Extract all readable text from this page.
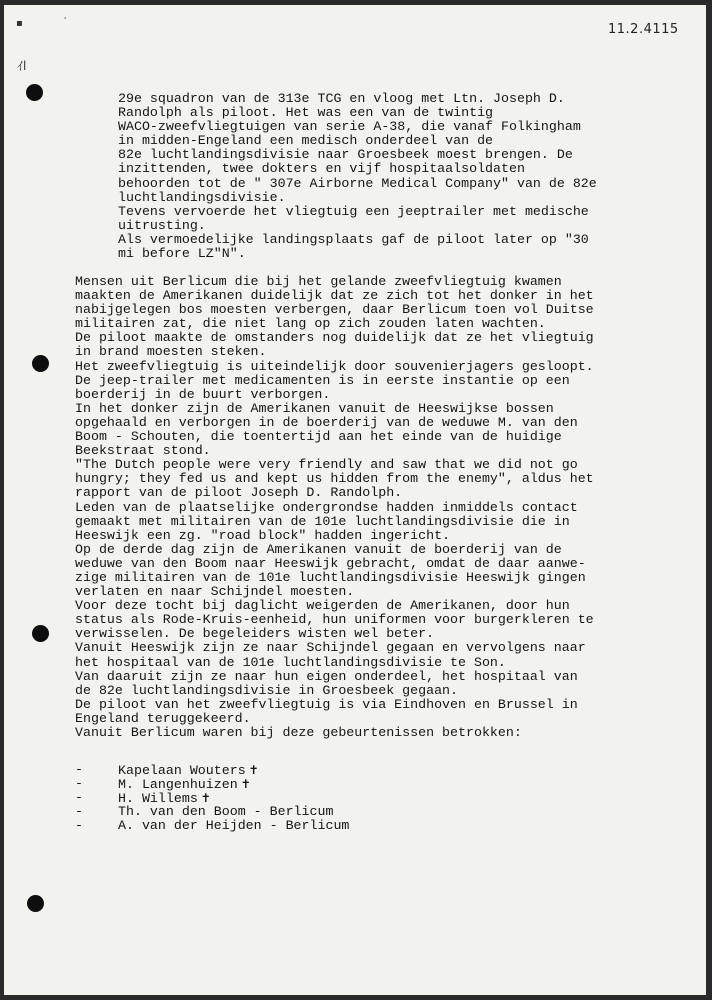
11.2.4115
▪	'
ｲl
29e squadron van de 313e TCG en vloog met Ltn. Joseph D.
Randolph als piloot. Het was een van de twintig
WACO-zweefvliegtuigen van serie A-38, die vanaf Folkingham
in midden-Engeland een medisch onderdeel van de
82e luchtlandingsdivisie naar Groesbeek moest brengen. De
inzittenden, twee dokters en vijf hospitaalsoldaten
behoorden tot de " 307e Airborne Medical Company" van de 82e
luchtlandingsdivisie.
Tevens vervoerde het vliegtuig een jeeptrailer met medische
uitrusting.
Als vermoedelijke landingsplaats gaf de piloot later op "30
mi before LZ"N".
Mensen uit Berlicum die bij het gelande zweefvliegtuig kwamen
maakten de Amerikanen duidelijk dat ze zich tot het donker in het
nabijgelegen bos moesten verbergen, daar Berlicum toen vol Duitse
militairen zat, die niet lang op zich zouden laten wachten.
De piloot maakte de omstanders nog duidelijk dat ze het vliegtuig
in brand moesten steken.
Het zweefvliegtuig is uiteindelijk door souvenierjagers gesloopt.
De jeep-trailer met medicamenten is in eerste instantie op een
boerderij in de buurt verborgen.
In het donker zijn de Amerikanen vanuit de Heeswijkse bossen
opgehaald en verborgen in de boerderij van de weduwe M. van den
Boom - Schouten, die toentertijd aan het einde van de huidige
Beekstraat stond.
"The Dutch people were very friendly and saw that we did not go
hungry; they fed us and kept us hidden from the enemy", aldus het
rapport van de piloot Joseph D. Randolph.
Leden van de plaatselijke ondergrondse hadden inmiddels contact
gemaakt met militairen van de 101e luchtlandingsdivisie die in
Heeswijk een zg. "road block" hadden ingericht.
Op de derde dag zijn de Amerikanen vanuit de boerderij van de
weduwe van den Boom naar Heeswijk gebracht, omdat de daar aanwe-
zige militairen van de 101e luchtlandingsdivisie Heeswijk gingen
verlaten en naar Schijndel moesten.
Voor deze tocht bij daglicht weigerden de Amerikanen, door hun
status als Rode-Kruis-eenheid, hun uniformen voor burgerkleren te
verwisselen. De begeleiders wisten wel beter.
Vanuit Heeswijk zijn ze naar Schijndel gegaan en vervolgens naar
het hospitaal van de 101e luchtlandingsdivisie te Son.
Van daaruit zijn ze naar hun eigen onderdeel, het hospitaal van
de 82e luchtlandingsdivisie in Groesbeek gegaan.
De piloot van het zweefvliegtuig is via Eindhoven en Brussel in
Engeland teruggekeerd.
Vanuit Berlicum waren bij deze gebeurtenissen betrokken:
-	Kapelaan Wouters ✝
-	M. Langenhuizen ✝
-	H. Willems ✝
-	Th. van den Boom - Berlicum
-	A. van der Heijden - Berlicum
